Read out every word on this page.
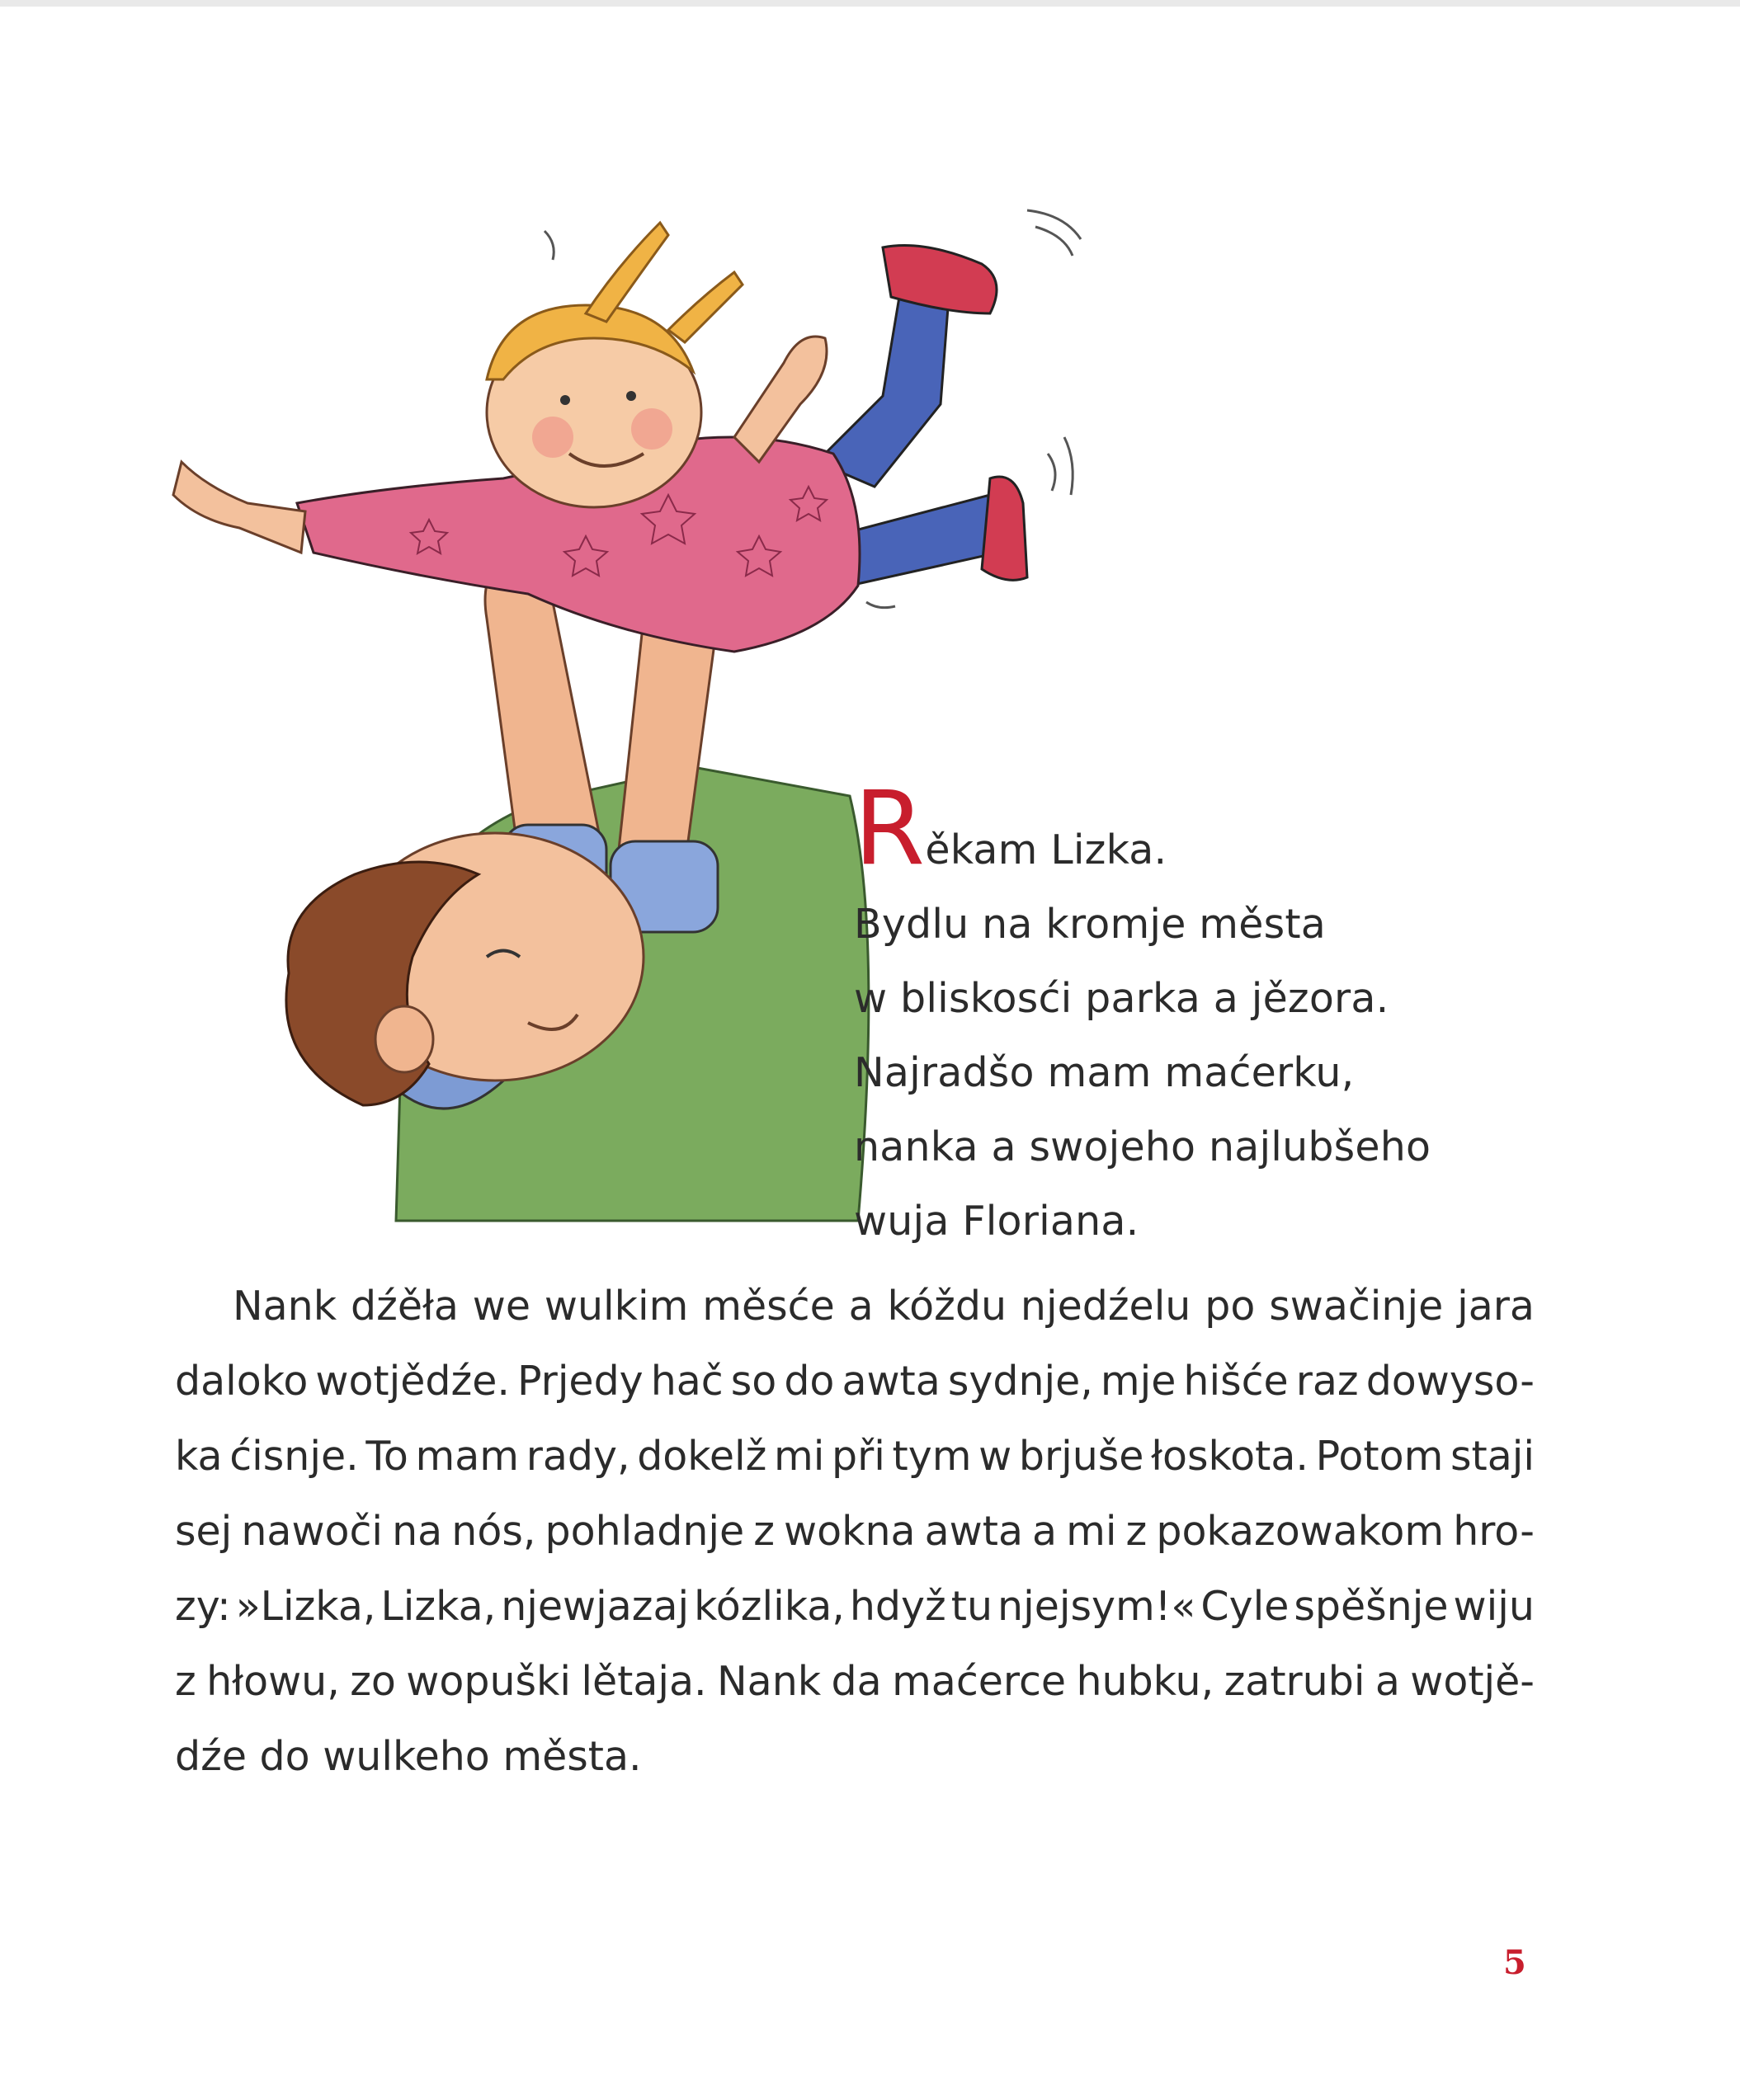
Rěkam Lizka.
Bydlu na kromje města
w bliskosći parka a jězora.
Najradšo mam maćerku,
nanka a swojeho najlubšeho
wuja Floriana.
Nank dźěła we wulkim měsće a kóždu njedźelu po swačinje jara
daloko wotjědźe. Prjedy hač so do awta sydnje, mje hišće raz dowyso-
ka ćisnje. To mam rady, dokelž mi při tym w brjuše łoskota. Potom staji
sej nawoči na nós, pohladnje z wokna awta a mi z pokazowakom hro-
zy: »Lizka, Lizka, njewjazaj kózlika, hdyž tu njejsym!« Cyle spěšnje wiju
z hłowu, zo wopuški lětaja. Nank da maćerce hubku, zatrubi a wotjě-
dźe do wulkeho města.
5
